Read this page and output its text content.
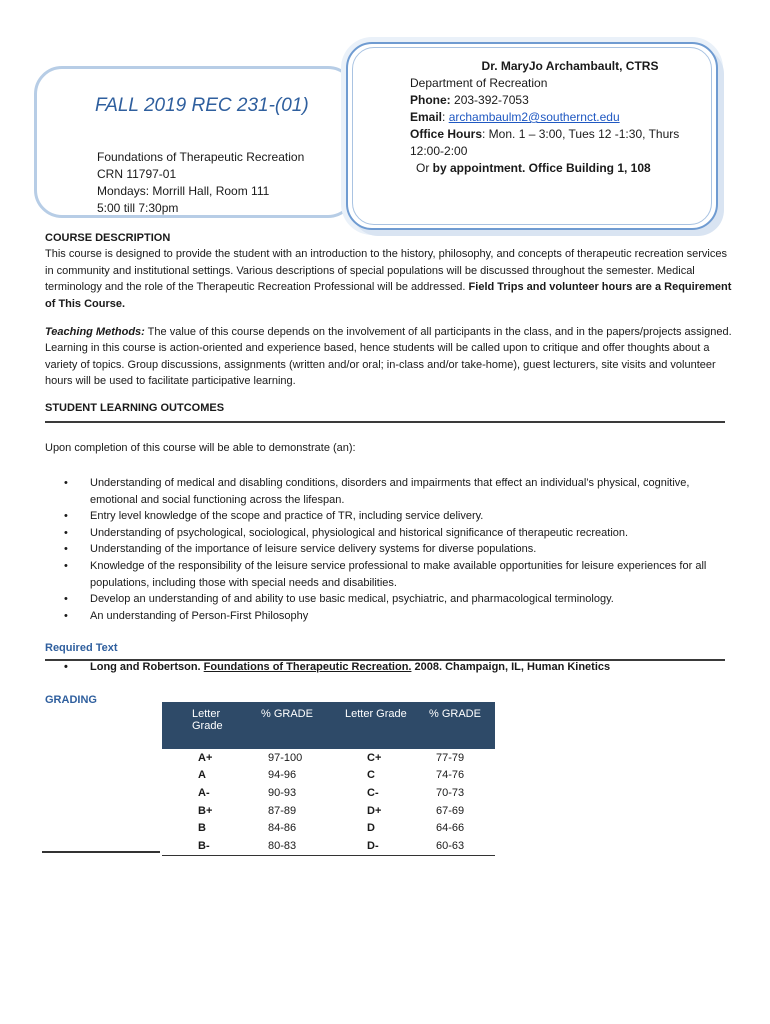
FALL 2019 REC 231-(01)
Foundations of Therapeutic Recreation
CRN 11797-01
Mondays: Morrill Hall, Room 111
5:00 till 7:30pm
Dr. MaryJo Archambault, CTRS
Department of Recreation
Phone: 203-392-7053
Email: archambaulm2@southernct.edu
Office Hours: Mon. 1 – 3:00, Tues 12 -1:30, Thurs 12:00-2:00
Or by appointment. Office Building 1, 108
COURSE DESCRIPTION
This course is designed to provide the student with an introduction to the history, philosophy, and concepts of therapeutic recreation services in community and institutional settings. Various descriptions of special populations will be discussed throughout the semester. Medical terminology and the role of the Therapeutic Recreation Professional will be addressed. Field Trips and volunteer hours are a Requirement of This Course.
Teaching Methods: The value of this course depends on the involvement of all participants in the class, and in the papers/projects assigned. Learning in this course is action-oriented and experience based, hence students will be called upon to critique and offer thoughts about a variety of topics. Group discussions, assignments (written and/or oral; in-class and/or take-home), guest lecturers, site visits and volunteer hours will be used to facilitate participative learning.
STUDENT LEARNING OUTCOMES
Upon completion of this course will be able to demonstrate (an):
• Understanding of medical and disabling conditions, disorders and impairments that effect an individual’s physical, cognitive, emotional and social functioning across the lifespan.
• Entry level knowledge of the scope and practice of TR, including service delivery.
• Understanding of psychological, sociological, physiological and historical significance of therapeutic recreation.
• Understanding of the importance of leisure service delivery systems for diverse populations.
• Knowledge of the responsibility of the leisure service professional to make available opportunities for leisure experiences for all populations, including those with special needs and disabilities.
• Develop an understanding of and ability to use basic medical, psychiatric, and pharmacological terminology.
• An understanding of Person-First Philosophy
Required Text
• Long and Robertson. Foundations of Therapeutic Recreation. 2008. Champaign, IL, Human Kinetics
GRADING
Letter Grade	% GRADE	Letter Grade	% GRADE
A+	97-100	C+	77-79
A	94-96	C	74-76
A-	90-93	C-	70-73
B+	87-89	D+	67-69
B	84-86	D	64-66
B-	80-83	D-	60-63
